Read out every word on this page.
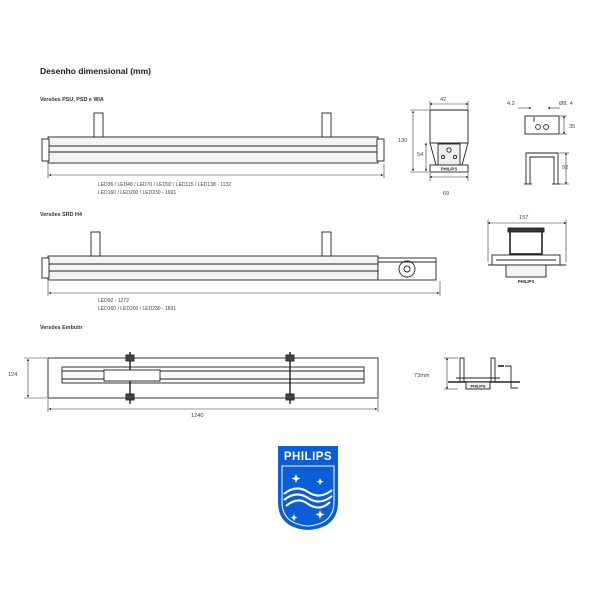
Desenho dimensional (mm)
Versões PSU, PSD e WIA
LED36 / LED48 / LED70 / LED92 / LED115 / LED138 - 1132
LED160 / LED200 / LED230 - 1691
Versões SRD H4
LED92 - 1272
LED160 / LED200 / LED230 - 1831
Versões Embutir
1240
124
42
130
54
69
4.2	Ø8. 4
35
92
157
73mm
PHILIPS
PHILIPS
PHILIPS
PHILIPS
